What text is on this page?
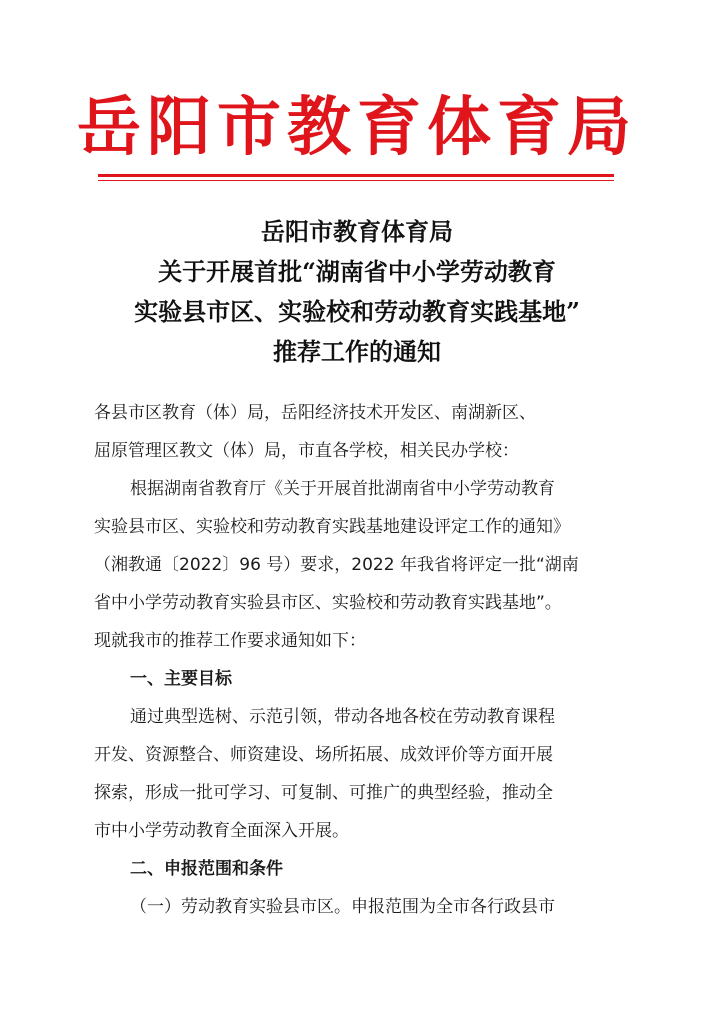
岳阳市教育体育局
岳阳市教育体育局
关于开展首批“湖南省中小学劳动教育
实验县市区、实验校和劳动教育实践基地”
推荐工作的通知
各县市区教育（体）局，岳阳经济技术开发区、南湖新区、
屈原管理区教文（体）局，市直各学校，相关民办学校：
根据湖南省教育厅《关于开展首批湖南省中小学劳动教育
实验县市区、实验校和劳动教育实践基地建设评定工作的通知》
（湘教通〔2022〕96 号）要求，2022 年我省将评定一批“湖南
省中小学劳动教育实验县市区、实验校和劳动教育实践基地”。
现就我市的推荐工作要求通知如下：
一、主要目标
通过典型选树、示范引领，带动各地各校在劳动教育课程
开发、资源整合、师资建设、场所拓展、成效评价等方面开展
探索，形成一批可学习、可复制、可推广的典型经验，推动全
市中小学劳动教育全面深入开展。
二、申报范围和条件
（一）劳动教育实验县市区。申报范围为全市各行政县市
